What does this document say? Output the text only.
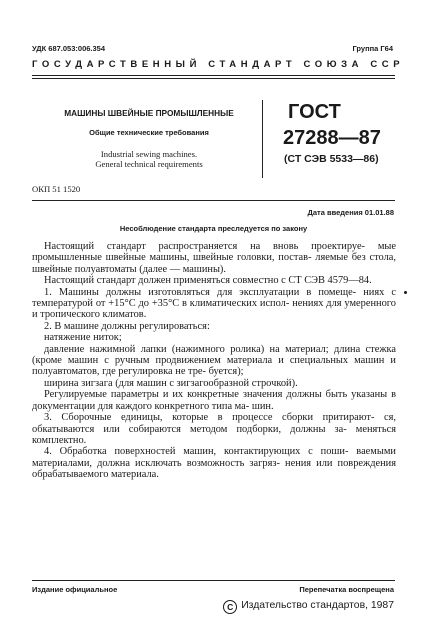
УДК 687.053:006.354	Группа Г64
ГОСУДАРСТВЕННЫЙ СТАНДАРТ СОЮЗА ССР
МАШИНЫ ШВЕЙНЫЕ ПРОМЫШЛЕННЫЕ
Общие технические требования
Industrial sewing machines.
General technical requirements
ГОСТ
27288—87
(СТ СЭВ 5533—86)
ОКП 51 1520
Дата введения 01.01.88
Несоблюдение стандарта преследуется по закону

Настоящий стандарт распространяется на вновь проектируе- мые промышленные швейные машины, швейные головки, постав- ляемые без стола, швейные полуавтоматы (далее — машины).

Настоящий стандарт должен применяться совместно с СТ СЭВ 4579—84.

1. Машины должны изготовляться для эксплуатации в помеще- ниях с температурой от +15°С до +35°С в климатических испол- нениях для умеренного и тропического климатов.

2. В машине должны регулироваться:

натяжение ниток;

давление нажимной лапки (нажимного ролика) на материал; длина стежка (кроме машин с ручным продвижением материала и специальных машин и полуавтоматов, где регулировка не тре- буется);

ширина зигзага (для машин с зигзагообразной строчкой).

Регулируемые параметры и их конкретные значения должны быть указаны в документации для каждого конкретного типа ма- шин.

3. Сборочные единицы, которые в процессе сборки притирают- ся, обкатываются или собираются методом подборки, должны за- меняться комплектно.

4. Обработка поверхностей машин, контактирующих с поши- ваемыми материалами, должна исключать возможность загряз- нения или повреждения обрабатываемого материала.

Издание официальное	Перепечатка воспрещена
C Издательство стандартов, 1987
